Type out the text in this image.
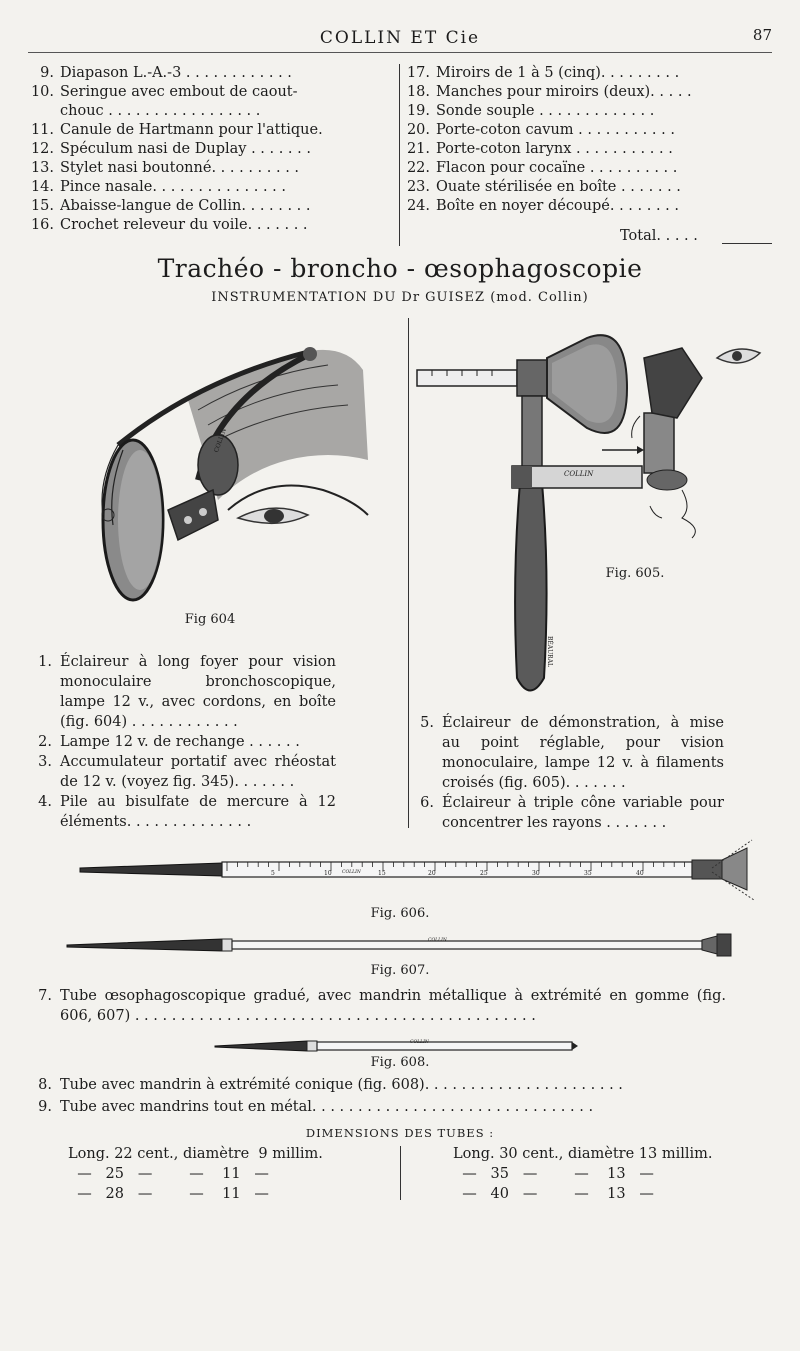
COLLIN ET Cie	87
9. Diapason L.-A.-3 . . . . . . . . . . . .
10. Seringue avec embout de caout-
chouc . . . . . . . . . . . . . . . . .
11. Canule de Hartmann pour l'attique.
12. Spéculum nasi de Duplay . . . . . . .
13. Stylet nasi boutonné. . . . . . . . . .
14. Pince nasale. . . . . . . . . . . . . . .
15. Abaisse-langue de Collin. . . . . . . .
16. Crochet releveur du voile. . . . . . .
17. Miroirs de 1 à 5 (cinq). . . . . . . . .
18. Manches pour miroirs (deux). . . . .
19. Sonde souple . . . . . . . . . . . . .
20. Porte-coton cavum . . . . . . . . . . .
21. Porte-coton larynx . . . . . . . . . . .
22. Flacon pour cocaïne . . . . . . . . . .
23. Ouate stérilisée en boîte . . . . . . .
24. Boîte en noyer découpé. . . . . . . .
Total. . . . .
Trachéo - broncho - œsophagoscopie
INSTRUMENTATION DU Dr GUISEZ (mod. Collin)
COLLIN
Fig 604
COLLIN
BÉAURAL
Fig. 605.
1. Éclaireur à long foyer pour vision monoculaire bronchoscopique, lampe 12 v., avec cordons, en boîte (fig. 604) . . . . . . . . . . . .
2. Lampe 12 v. de rechange . . . . . .
3. Accumulateur portatif avec rhéostat de 12 v. (voyez fig. 345). . . . . . .
4. Pile au bisulfate de mercure à 12 éléments. . . . . . . . . . . . . .
5. Éclaireur de démonstration, à mise au point réglable, pour vision monoculaire, lampe 12 v. à filaments croisés (fig. 605). . . . . . .
6. Éclaireur à triple cône variable pour concentrer les rayons . . . . . . .
COLLIN
5	10	15	20	25	30	35	40
Fig. 606.
COLLIN
Fig. 607.
7. Tube œsophagoscopique gradué, avec mandrin métallique à extrémité en gomme (fig. 606, 607) . . . . . . . . . . . . . . . . . . . . . . . . . . . . . . . . . . . . . . . . . . . .
COLLIN
Fig. 608.
8. Tube avec mandrin à extrémité conique (fig. 608). . . . . . . . . . . . . . . . . . . . . .
9. Tube avec mandrins tout en métal. . . . . . . . . . . . . . . . . . . . . . . . . . . . . . .
DIMENSIONS DES TUBES :
Long. 22 cent., diamètre  9 millim.
—   25   —        —    11   —
—   28   —        —    11   —
Long. 30 cent., diamètre 13 millim.
—   35   —        —    13   —
—   40   —        —    13   —
